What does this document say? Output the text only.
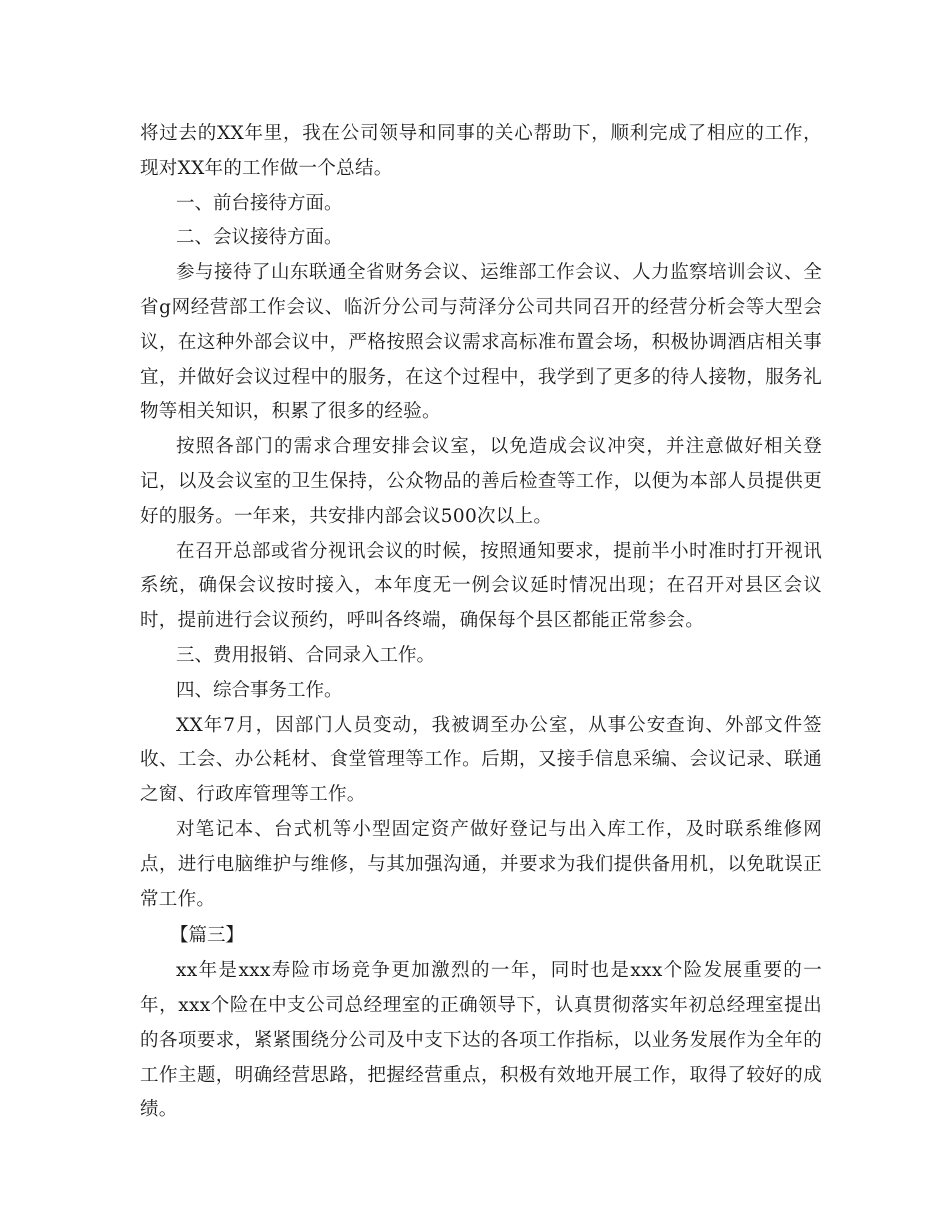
将过去的XX年里，我在公司领导和同事的关心帮助下，顺利完成了相应的工作，现对XX年的工作做一个总结。

一、前台接待方面。

二、会议接待方面。

参与接待了山东联通全省财务会议、运维部工作会议、人力监察培训会议、全省g网经营部工作会议、临沂分公司与菏泽分公司共同召开的经营分析会等大型会议，在这种外部会议中，严格按照会议需求高标准布置会场，积极协调酒店相关事宜，并做好会议过程中的服务，在这个过程中，我学到了更多的待人接物，服务礼物等相关知识，积累了很多的经验。

按照各部门的需求合理安排会议室，以免造成会议冲突，并注意做好相关登记，以及会议室的卫生保持，公众物品的善后检查等工作，以便为本部人员提供更好的服务。一年来，共安排内部会议500次以上。

在召开总部或省分视讯会议的时候，按照通知要求，提前半小时准时打开视讯系统，确保会议按时接入，本年度无一例会议延时情况出现；在召开对县区会议时，提前进行会议预约，呼叫各终端，确保每个县区都能正常参会。

三、费用报销、合同录入工作。

四、综合事务工作。

XX年7月，因部门人员变动，我被调至办公室，从事公安查询、外部文件签收、工会、办公耗材、食堂管理等工作。后期，又接手信息采编、会议记录、联通之窗、行政库管理等工作。

对笔记本、台式机等小型固定资产做好登记与出入库工作，及时联系维修网点，进行电脑维护与维修，与其加强沟通，并要求为我们提供备用机，以免耽误正常工作。

【篇三】

xx年是xxx寿险市场竞争更加激烈的一年，同时也是xxx个险发展重要的一年，xxx个险在中支公司总经理室的正确领导下，认真贯彻落实年初总经理室提出的各项要求，紧紧围绕分公司及中支下达的各项工作指标，以业务发展作为全年的工作主题，明确经营思路，把握经营重点，积极有效地开展工作，取得了较好的成绩。
